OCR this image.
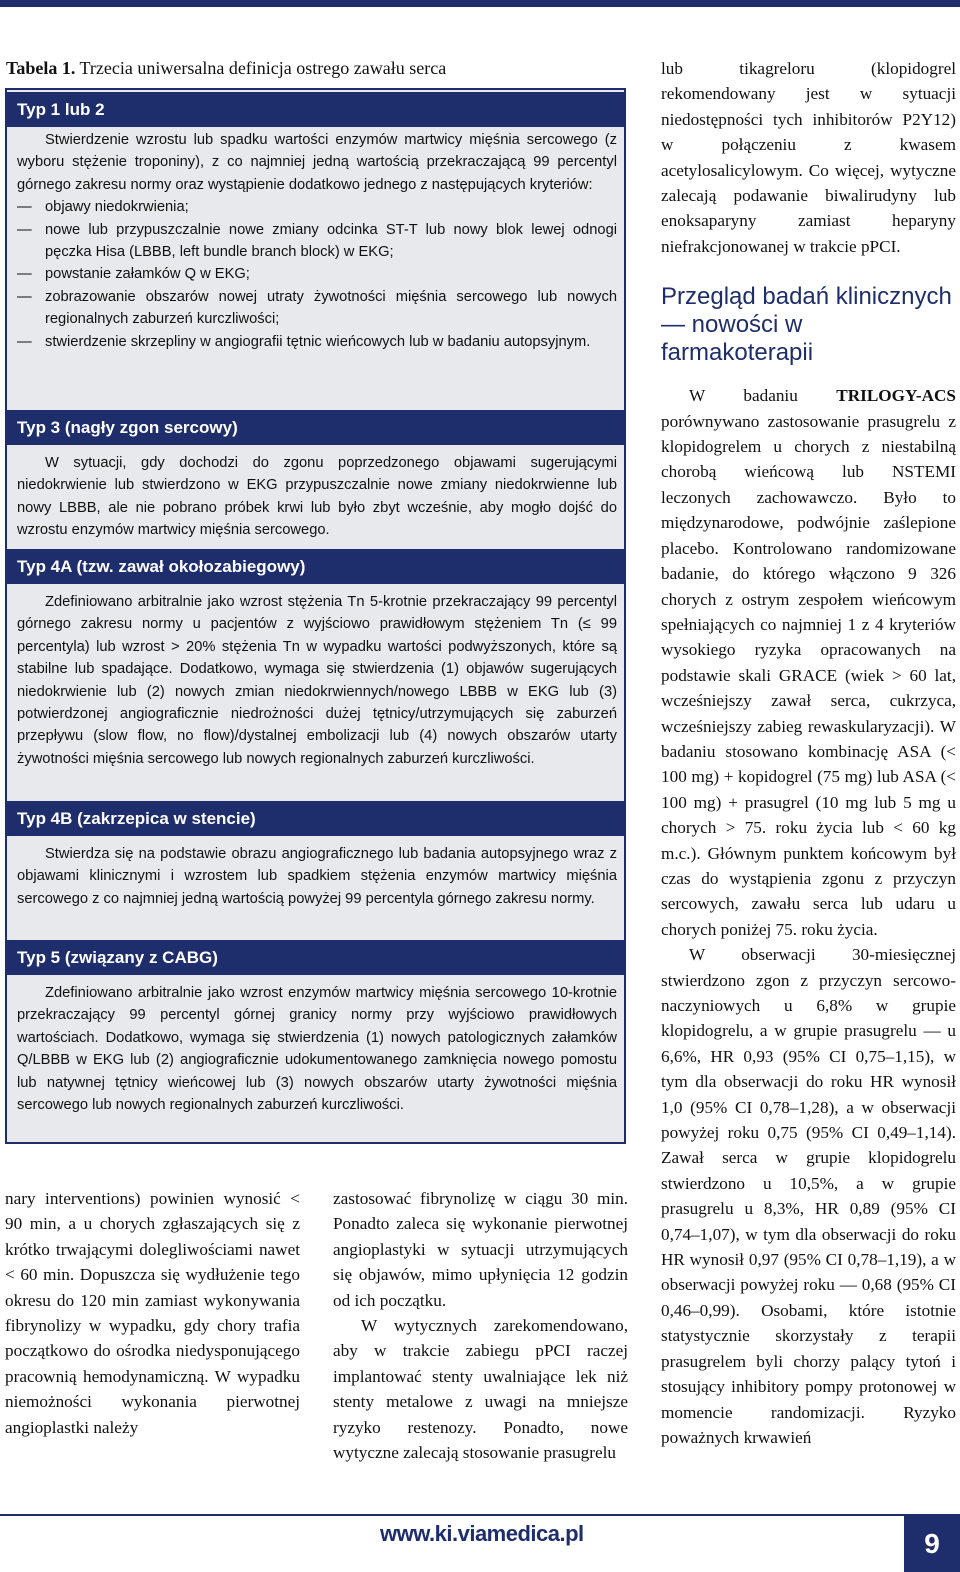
Tabela 1. Trzecia uniwersalna definicja ostrego zawału serca
Typ 1 lub 2

Stwierdzenie wzrostu lub spadku wartości enzymów martwicy mięśnia sercowego (z wyboru stężenie troponiny), z co najmniej jedną wartością przekraczającą 99 percentyl górnego zakresu normy oraz wystąpienie dodatkowo jednego z następujących kryteriów:

— objawy niedokrwienia;
— nowe lub przypuszczalnie nowe zmiany odcinka ST-T lub nowy blok lewej odnogi pęczka Hisa (LBBB, left bundle branch block) w EKG;
— powstanie załamków Q w EKG;
— zobrazowanie obszarów nowej utraty żywotności mięśnia sercowego lub nowych regionalnych zaburzeń kurczliwości;
— stwierdzenie skrzepliny w angiografii tętnic wieńcowych lub w badaniu autopsyjnym.
Typ 3 (nagły zgon sercowy)

W sytuacji, gdy dochodzi do zgonu poprzedzonego objawami sugerującymi niedokrwienie lub stwierdzono w EKG przypuszczalnie nowe zmiany niedokrwienne lub nowy LBBB, ale nie pobrano próbek krwi lub było zbyt wcześnie, aby mogło dojść do wzrostu enzymów martwicy mięśnia sercowego.

Typ 4A (tzw. zawał okołozabiegowy)

Zdefiniowano arbitralnie jako wzrost stężenia Tn 5-krotnie przekraczający 99 percentyl górnego zakresu normy u pacjentów z wyjściowo prawidłowym stężeniem Tn (≤ 99 percentyla) lub wzrost > 20% stężenia Tn w wypadku wartości podwyższonych, które są stabilne lub spadające. Dodatkowo, wymaga się stwierdzenia (1) objawów sugerujących niedokrwienie lub (2) nowych zmian niedokrwiennych/nowego LBBB w EKG lub (3) potwierdzonej angiograficznie niedrożności dużej tętnicy/utrzymujących się zaburzeń przepływu (slow flow, no flow)/dystalnej embolizacji lub (4) nowych obszarów utarty żywotności mięśnia sercowego lub nowych regionalnych zaburzeń kurczliwości.

Typ 4B (zakrzepica w stencie)

Stwierdza się na podstawie obrazu angiograficznego lub badania autopsyjnego wraz z objawami klinicznymi i wzrostem lub spadkiem stężenia enzymów martwicy mięśnia sercowego z co najmniej jedną wartością powyżej 99 percentyla górnego zakresu normy.

Typ 5 (związany z CABG)

Zdefiniowano arbitralnie jako wzrost enzymów martwicy mięśnia sercowego 10-krotnie przekraczający 99 percentyl górnej granicy normy przy wyjściowo prawidłowych wartościach. Dodatkowo, wymaga się stwierdzenia (1) nowych patologicznych załamków Q/LBBB w EKG lub (2) angiograficznie udokumentowanego zamknięcia nowego pomostu lub natywnej tętnicy wieńcowej lub (3) nowych obszarów utarty żywotności mięśnia sercowego lub nowych regionalnych zaburzeń kurczliwości.

nary interventions) powinien wynosić < 90 min, a u chorych zgłaszających się z krótko trwającymi dolegliwościami nawet < 60 min. Dopuszcza się wydłużenie tego okresu do 120 min zamiast wykonywania fibrynolizy w wypadku, gdy chory trafia początkowo do ośrodka niedysponującego pracownią hemodynamiczną. W wypadku niemożności wykonania pierwotnej angioplastki należy

zastosować fibrynolizę w ciągu 30 min. Ponadto zaleca się wykonanie pierwotnej angioplastyki w sytuacji utrzymujących się objawów, mimo upłynięcia 12 godzin od ich początku.

W wytycznych zarekomendowano, aby w trakcie zabiegu pPCI raczej implantować stenty uwalniające lek niż stenty metalowe z uwagi na mniejsze ryzyko restenozy. Ponadto, nowe wytyczne zalecają stosowanie prasugrelu

lub tikagreloru (klopidogrel rekomendowany jest w sytuacji niedostępności tych inhibitorów P2Y12) w połączeniu z kwasem acetylosalicylowym. Co więcej, wytyczne zalecają podawanie biwalirudyny lub enoksaparyny zamiast heparyny niefrakcjonowanej w trakcie pPCI.

Przegląd badań klinicznych — nowości w farmakoterapii

W badaniu TRILOGY-ACS porównywano zastosowanie prasugrelu z klopidogrelem u chorych z niestabilną chorobą wieńcową lub NSTEMI leczonych zachowawczo. Było to międzynarodowe, podwójnie zaślepione placebo. Kontrolowano randomizowane badanie, do którego włączono 9 326 chorych z ostrym zespołem wieńcowym spełniających co najmniej 1 z 4 kryteriów wysokiego ryzyka opracowanych na podstawie skali GRACE (wiek > 60 lat, wcześniejszy zawał serca, cukrzyca, wcześniejszy zabieg rewaskularyzacji). W badaniu stosowano kombinację ASA (< 100 mg) + kopidogrel (75 mg) lub ASA (< 100 mg) + prasugrel (10 mg lub 5 mg u chorych > 75. roku życia lub < 60 kg m.c.). Głównym punktem końcowym był czas do wystąpienia zgonu z przyczyn sercowych, zawału serca lub udaru u chorych poniżej 75. roku życia.

W obserwacji 30-miesięcznej stwierdzono zgon z przyczyn sercowo-naczyniowych u 6,8% w grupie klopidogrelu, a w grupie prasugrelu — u 6,6%, HR 0,93 (95% CI 0,75–1,15), w tym dla obserwacji do roku HR wynosił 1,0 (95% CI 0,78–1,28), a w obserwacji powyżej roku 0,75 (95% CI 0,49–1,14). Zawał serca w grupie klopidogrelu stwierdzono u 10,5%, a w grupie prasugrelu u 8,3%, HR 0,89 (95% CI 0,74–1,07), w tym dla obserwacji do roku HR wynosił 0,97 (95% CI 0,78–1,19), a w obserwacji powyżej roku — 0,68 (95% CI 0,46–0,99). Osobami, które istotnie statystycznie skorzystały z terapii prasugrelem byli chorzy palący tytoń i stosujący inhibitory pompy protonowej w momencie randomizacji. Ryzyko poważnych krwawień

www.ki.viamedica.pl	9
